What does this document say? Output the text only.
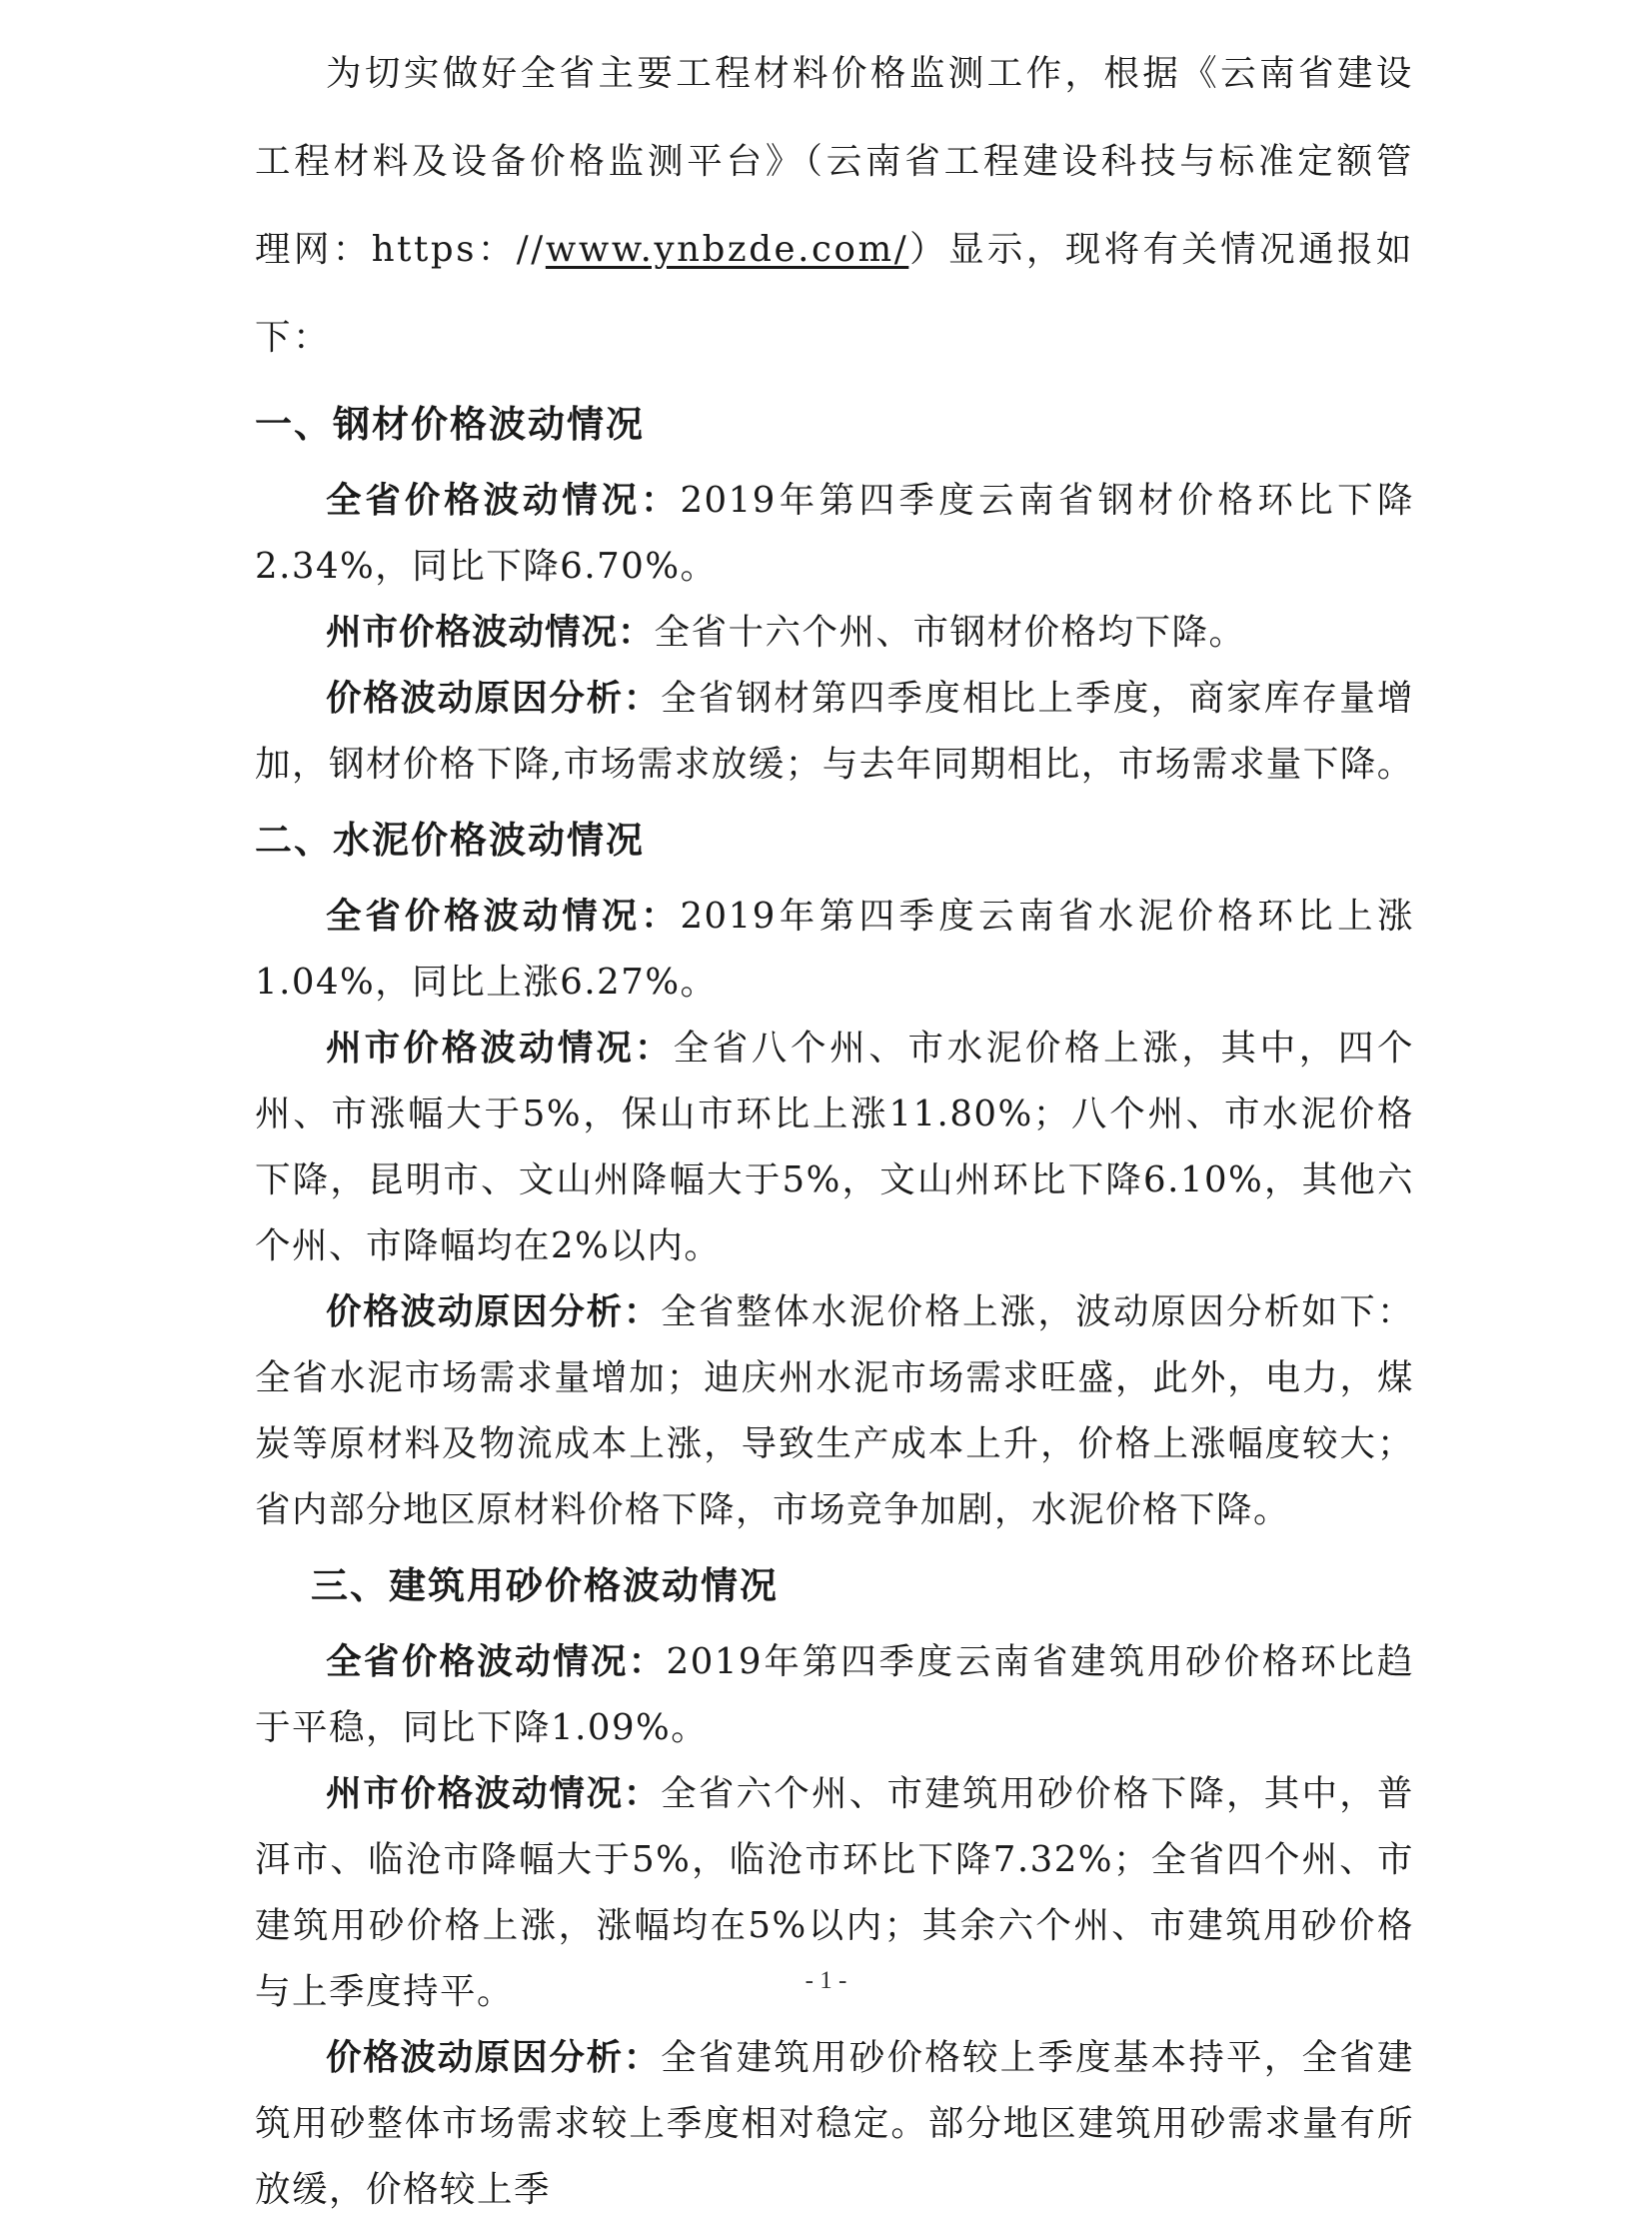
为切实做好全省主要工程材料价格监测工作，根据《云南省建设工程材料及设备价格监测平台》（云南省工程建设科技与标准定额管理网：https：//www.ynbzde.com/）显示，现将有关情况通报如下：

一、钢材价格波动情况

全省价格波动情况：2019年第四季度云南省钢材价格环比下降2.34%，同比下降6.70%。

州市价格波动情况：全省十六个州、市钢材价格均下降。

价格波动原因分析：全省钢材第四季度相比上季度，商家库存量增加，钢材价格下降,市场需求放缓；与去年同期相比，市场需求量下降。

二、水泥价格波动情况

全省价格波动情况：2019年第四季度云南省水泥价格环比上涨1.04%，同比上涨6.27%。

州市价格波动情况：全省八个州、市水泥价格上涨，其中，四个州、市涨幅大于5%，保山市环比上涨11.80%；八个州、市水泥价格下降，昆明市、文山州降幅大于5%，文山州环比下降6.10%，其他六个州、市降幅均在2%以内。

价格波动原因分析：全省整体水泥价格上涨，波动原因分析如下：全省水泥市场需求量增加；迪庆州水泥市场需求旺盛，此外，电力，煤炭等原材料及物流成本上涨，导致生产成本上升，价格上涨幅度较大；省内部分地区原材料价格下降，市场竞争加剧，水泥价格下降。

三、建筑用砂价格波动情况

全省价格波动情况：2019年第四季度云南省建筑用砂价格环比趋于平稳，同比下降1.09%。

州市价格波动情况：全省六个州、市建筑用砂价格下降，其中，普洱市、临沧市降幅大于5%，临沧市环比下降7.32%；全省四个州、市建筑用砂价格上涨，涨幅均在5%以内；其余六个州、市建筑用砂价格与上季度持平。

价格波动原因分析：全省建筑用砂价格较上季度基本持平，全省建筑用砂整体市场需求较上季度相对稳定。部分地区建筑用砂需求量有所放缓，价格较上季

- 1 -
